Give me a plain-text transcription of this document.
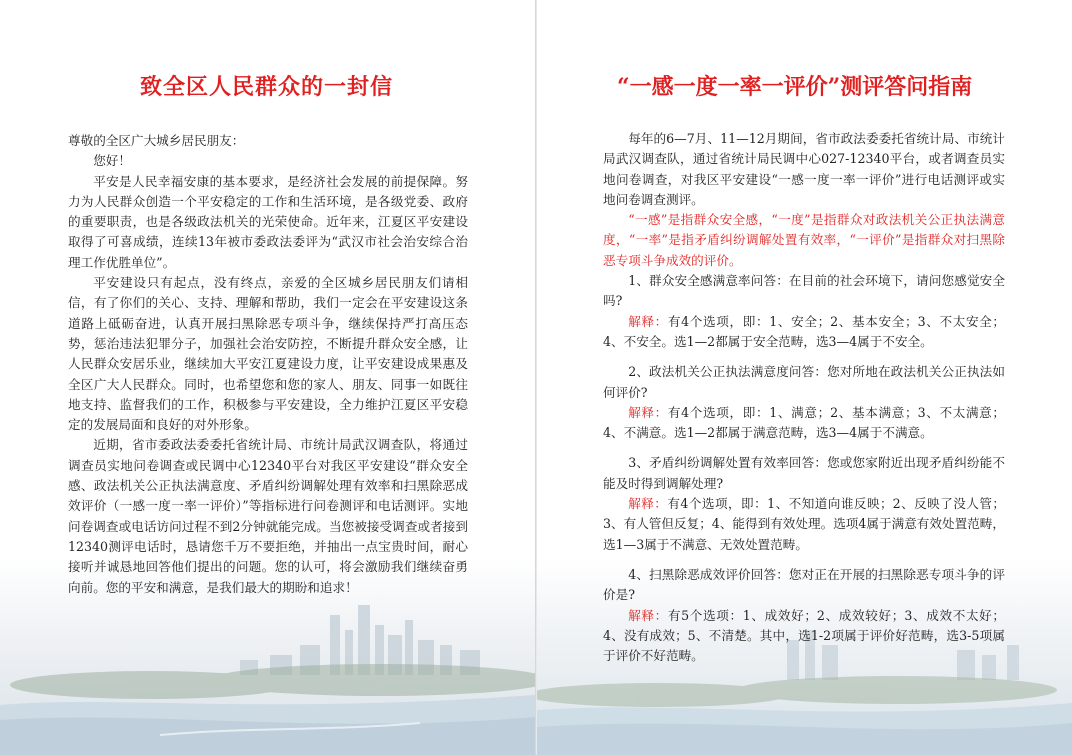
致全区人民群众的一封信

尊敬的全区广大城乡居民朋友：

您好！

平安是人民幸福安康的基本要求，是经济社会发展的前提保障。努力为人民群众创造一个平安稳定的工作和生活环境，是各级党委、政府的重要职责，也是各级政法机关的光荣使命。近年来，江夏区平安建设取得了可喜成绩，连续13年被市委政法委评为“武汉市社会治安综合治理工作优胜单位”。

平安建设只有起点，没有终点，亲爱的全区城乡居民朋友们请相信，有了你们的关心、支持、理解和帮助，我们一定会在平安建设这条道路上砥砺奋进，认真开展扫黑除恶专项斗争，继续保持严打高压态势，惩治违法犯罪分子，加强社会治安防控，不断提升群众安全感，让人民群众安居乐业，继续加大平安江夏建设力度，让平安建设成果惠及全区广大人民群众。同时，也希望您和您的家人、朋友、同事一如既往地支持、监督我们的工作，积极参与平安建设，全力维护江夏区平安稳定的发展局面和良好的对外形象。

近期，省市委政法委委托省统计局、市统计局武汉调查队，将通过调查员实地问卷调查或民调中心12340平台对我区平安建设“群众安全感、政法机关公正执法满意度、矛盾纠纷调解处理有效率和扫黑除恶成效评价（一感一度一率一评价）”等指标进行问卷测评和电话测评。实地问卷调查或电话访问过程不到2分钟就能完成。当您被接受调查或者接到12340测评电话时，恳请您千万不要拒绝，并抽出一点宝贵时间，耐心接听并诚恳地回答他们提出的问题。您的认可，将会激励我们继续奋勇向前。您的平安和满意，是我们最大的期盼和追求！

“一感一度一率一评价”测评答问指南

每年的6—7月、11—12月期间，省市政法委委托省统计局、市统计局武汉调查队，通过省统计局民调中心027-12340平台，或者调查员实地问卷调查，对我区平安建设“一感一度一率一评价”进行电话测评或实地问卷调查测评。

“一感”是指群众安全感，“一度”是指群众对政法机关公正执法满意度，“一率”是指矛盾纠纷调解处置有效率，“一评价”是指群众对扫黑除恶专项斗争成效的评价。

1、群众安全感满意率问答：在目前的社会环境下，请问您感觉安全吗?

解释：有4个选项，即：1、安全；2、基本安全；3、不太安全；4、不安全。选1—2都属于安全范畴，选3—4属于不安全。

2、政法机关公正执法满意度问答：您对所地在政法机关公正执法如何评价?

解释：有4个选项，即：1、满意；2、基本满意；3、不太满意；4、不满意。选1—2都属于满意范畴，选3—4属于不满意。

3、矛盾纠纷调解处置有效率回答：您或您家附近出现矛盾纠纷能不能及时得到调解处理?

解释：有4个选项，即：1、不知道向谁反映；2、反映了没人管；3、有人管但反复；4、能得到有效处理。选项4属于满意有效处置范畴，选1—3属于不满意、无效处置范畴。

4、扫黑除恶成效评价回答：您对正在开展的扫黑除恶专项斗争的评价是?

解释：有5个选项：1、成效好；2、成效较好；3、成效不太好；4、没有成效；5、不清楚。其中，选1-2项属于评价好范畴，选3-5项属于评价不好范畴。
